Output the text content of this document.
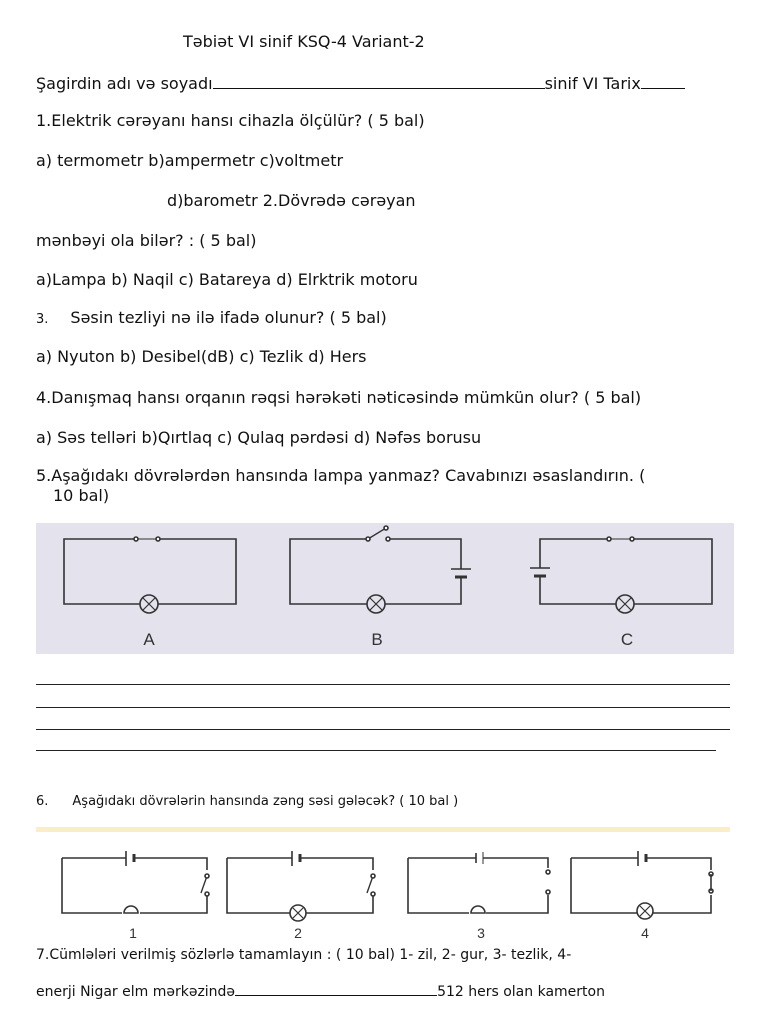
Təbiət VI sinif KSQ-4 Variant-2
Şagirdin adı və soyadı	sinif VI Tarix
1.Elektrik cərəyanı hansı cihazla ölçülür? ( 5 bal)
a) termometr b)ampermetr c)voltmetr
d)barometr 2.Dövrədə cərəyan
mənbəyi ola bilər? : ( 5 bal)
a)Lampa b) Naqil c) Batareya d) Elrktrik motoru
3. Səsin tezliyi nə ilə ifadə olunur? ( 5 bal)
a) Nyuton b) Desibel(dB) c) Tezlik d) Hers
4.Danışmaq hansı orqanın rəqsi hərəkəti nəticəsində mümkün olur? ( 5 bal)
a) Səs telləri b)Qırtlaq c) Qulaq pərdəsi d) Nəfəs borusu
5.Aşağıdakı dövrələrdən hansında lampa yanmaz? Cavabınızı əsaslandırın. (
10 bal)
6. Aşağıdakı dövrələrin hansında zəng səsi gələcək? ( 10 bal )
A	B	C
1	2	3	4
7.Cümlələri verilmiş sözlərlə tamamlayın : ( 10 bal) 1- zil, 2- gur, 3- tezlik, 4-
enerji Nigar elm mərkəzində	512 hers olan kamerton
